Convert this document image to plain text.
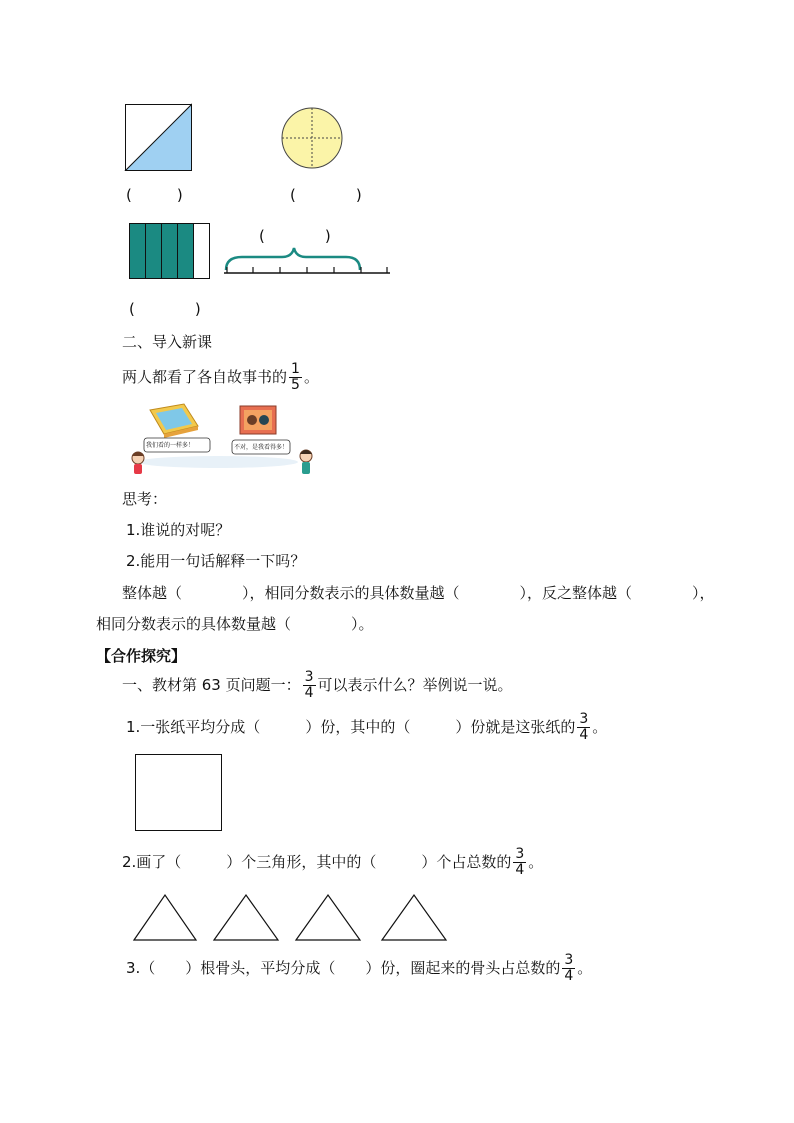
(　　　)	(　　　　)
(　　　　)
(　　　　)
二、导入新课
两人都看了各自故事书的 $\frac{1}{5}$ 。
我们看的一样多！	不对，是我看得多！
思考：
1.谁说的对呢？
2.能用一句话解释一下吗？
整体越（　　　　），相同分数表示的具体数量越（　　　　），反之整体越（　　　　），
相同分数表示的具体数量越（　　　　）。
【合作探究】
一、教材第 63 页问题一： $\frac{3}{4}$ 可以表示什么？举例说一说。
1.一张纸平均分成（　　　）份，其中的（　　　）份就是这张纸的 $\frac{3}{4}$ 。
2.画了（　　　）个三角形，其中的（　　　）个占总数的 $\frac{3}{4}$ 。
3.（　　）根骨头，平均分成（　　）份，圈起来的骨头占总数的 $\frac{3}{4}$ 。
